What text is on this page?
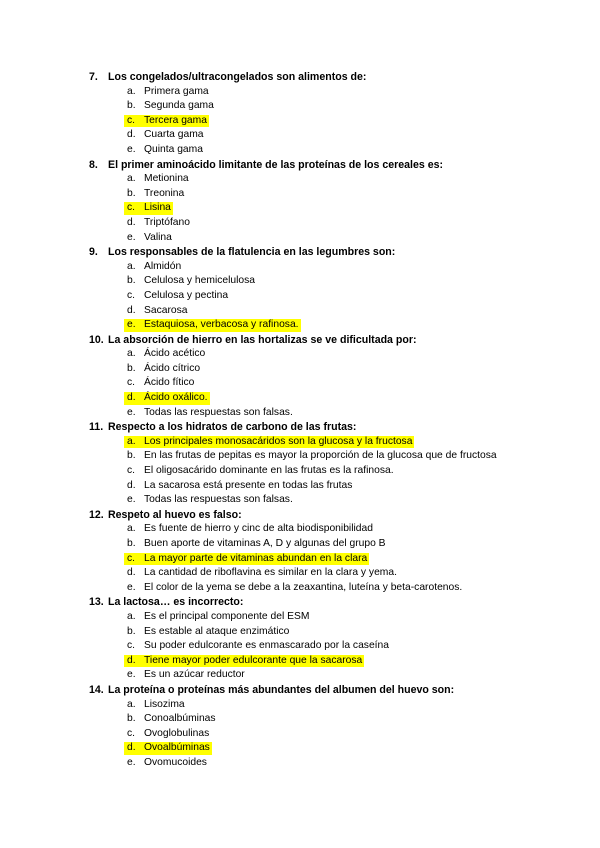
7. Los congelados/ultracongelados son alimentos de:
a. Primera gama
b. Segunda gama
c. Tercera gama
d. Cuarta gama
e. Quinta gama
8. El primer aminoácido limitante de las proteínas de los cereales es:
a. Metionina
b. Treonina
c. Lisina
d. Triptófano
e. Valina
9. Los responsables de la flatulencia en las legumbres son:
a. Almidón
b. Celulosa y hemicelulosa
c. Celulosa y pectina
d. Sacarosa
e. Estaquiosa, verbacosa y rafinosa.
10. La absorción de hierro en las hortalizas se ve dificultada por:
a. Ácido acético
b. Ácido cítrico
c. Ácido fítico
d. Ácido oxálico.
e. Todas las respuestas son falsas.
11. Respecto a los hidratos de carbono de las frutas:
a. Los principales monosacáridos son la glucosa y la fructosa
b. En las frutas de pepitas es mayor la proporción de la glucosa que de fructosa
c. El oligosacárido dominante en las frutas es la rafinosa.
d. La sacarosa está presente en todas las frutas
e. Todas las respuestas son falsas.
12. Respeto al huevo es falso:
a. Es fuente de hierro y cinc de alta biodisponibilidad
b. Buen aporte de vitaminas A, D y algunas del grupo B
c. La mayor parte de vitaminas abundan en la clara
d. La cantidad de riboflavina es similar en la clara y yema.
e. El color de la yema se debe a la zeaxantina, luteína y beta-carotenos.
13. La lactosa… es incorrecto:
a. Es el principal componente del ESM
b. Es estable al ataque enzimático
c. Su poder edulcorante es enmascarado por la caseína
d. Tiene mayor poder edulcorante que la sacarosa
e. Es un azúcar reductor
14. La proteína o proteínas más abundantes del albumen del huevo son:
a. Lisozima
b. Conoalbúminas
c. Ovoglobulinas
d. Ovoalbúminas
e. Ovomucoides
